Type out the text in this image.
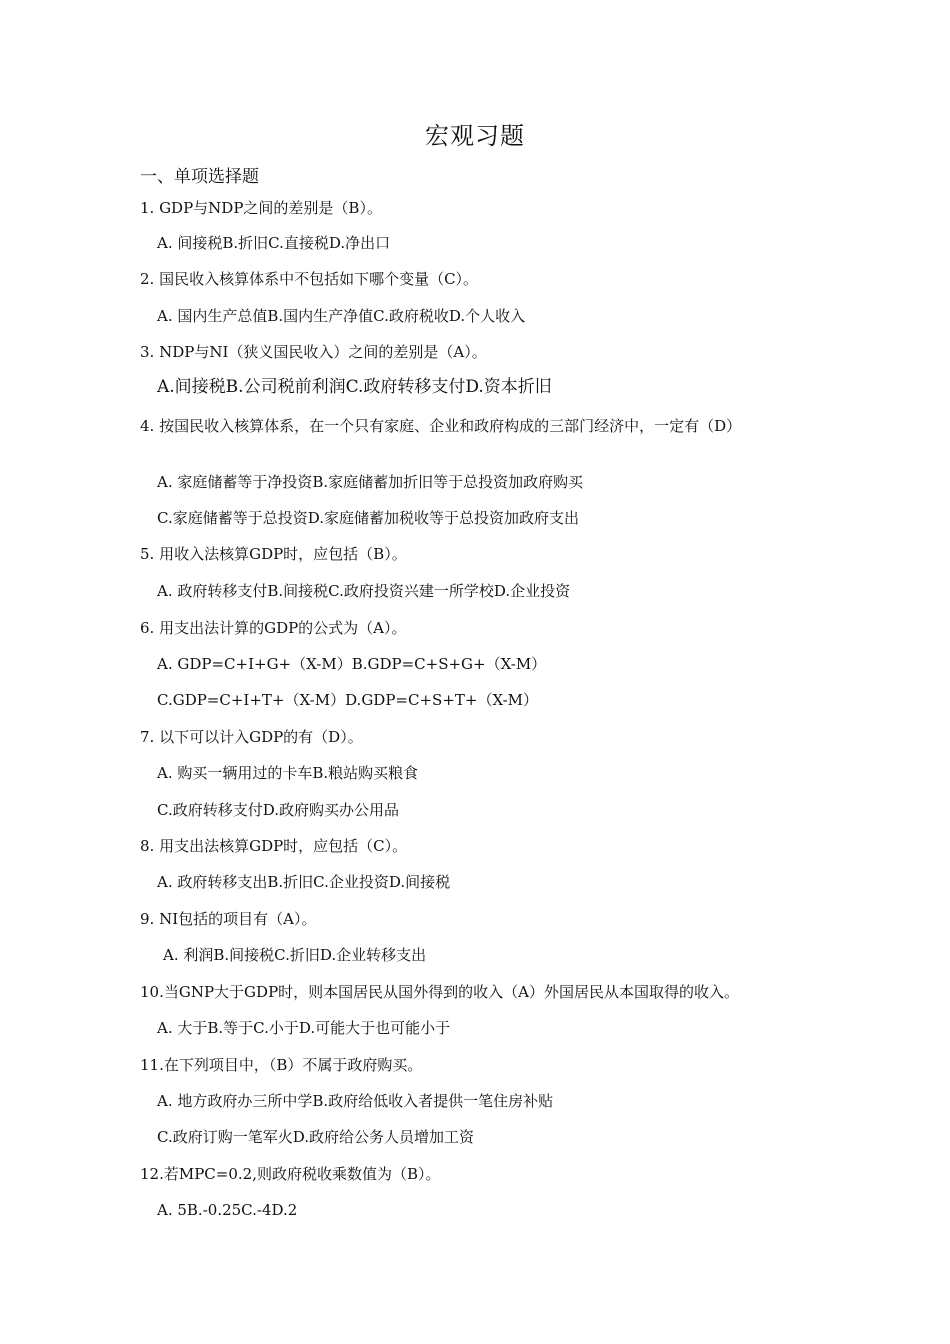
宏观习题
一、单项选择题
1. GDP与NDP之间的差别是（B）。
A. 间接税B.折旧C.直接税D.净出口
2. 国民收入核算体系中不包括如下哪个变量（C）。
A. 国内生产总值B.国内生产净值C.政府税收D.个人收入
3. NDP与NI（狭义国民收入）之间的差别是（A）。
A.间接税B.公司税前利润C.政府转移支付D.资本折旧
4. 按国民收入核算体系，在一个只有家庭、企业和政府构成的三部门经济中，一定有（D）
A. 家庭储蓄等于净投资B.家庭储蓄加折旧等于总投资加政府购买
C.家庭储蓄等于总投资D.家庭储蓄加税收等于总投资加政府支出
5. 用收入法核算GDP时，应包括（B）。
A. 政府转移支付B.间接税C.政府投资兴建一所学校D.企业投资
6. 用支出法计算的GDP的公式为（A）。
A. GDP=C+I+G+（X-M）B.GDP=C+S+G+（X-M）
C.GDP=C+I+T+（X-M）D.GDP=C+S+T+（X-M）
7. 以下可以计入GDP的有（D）。
A. 购买一辆用过的卡车B.粮站购买粮食
C.政府转移支付D.政府购买办公用品
8. 用支出法核算GDP时，应包括（C）。
A. 政府转移支出B.折旧C.企业投资D.间接税
9. NI包括的项目有（A）。
A. 利润B.间接税C.折旧D.企业转移支出
10.当GNP大于GDP时，则本国居民从国外得到的收入（A）外国居民从本国取得的收入。
A. 大于B.等于C.小于D.可能大于也可能小于
11.在下列项目中，（B）不属于政府购买。
A. 地方政府办三所中学B.政府给低收入者提供一笔住房补贴
C.政府订购一笔军火D.政府给公务人员增加工资
12.若MPC=0.2,则政府税收乘数值为（B）。
A. 5B.-0.25C.-4D.2
